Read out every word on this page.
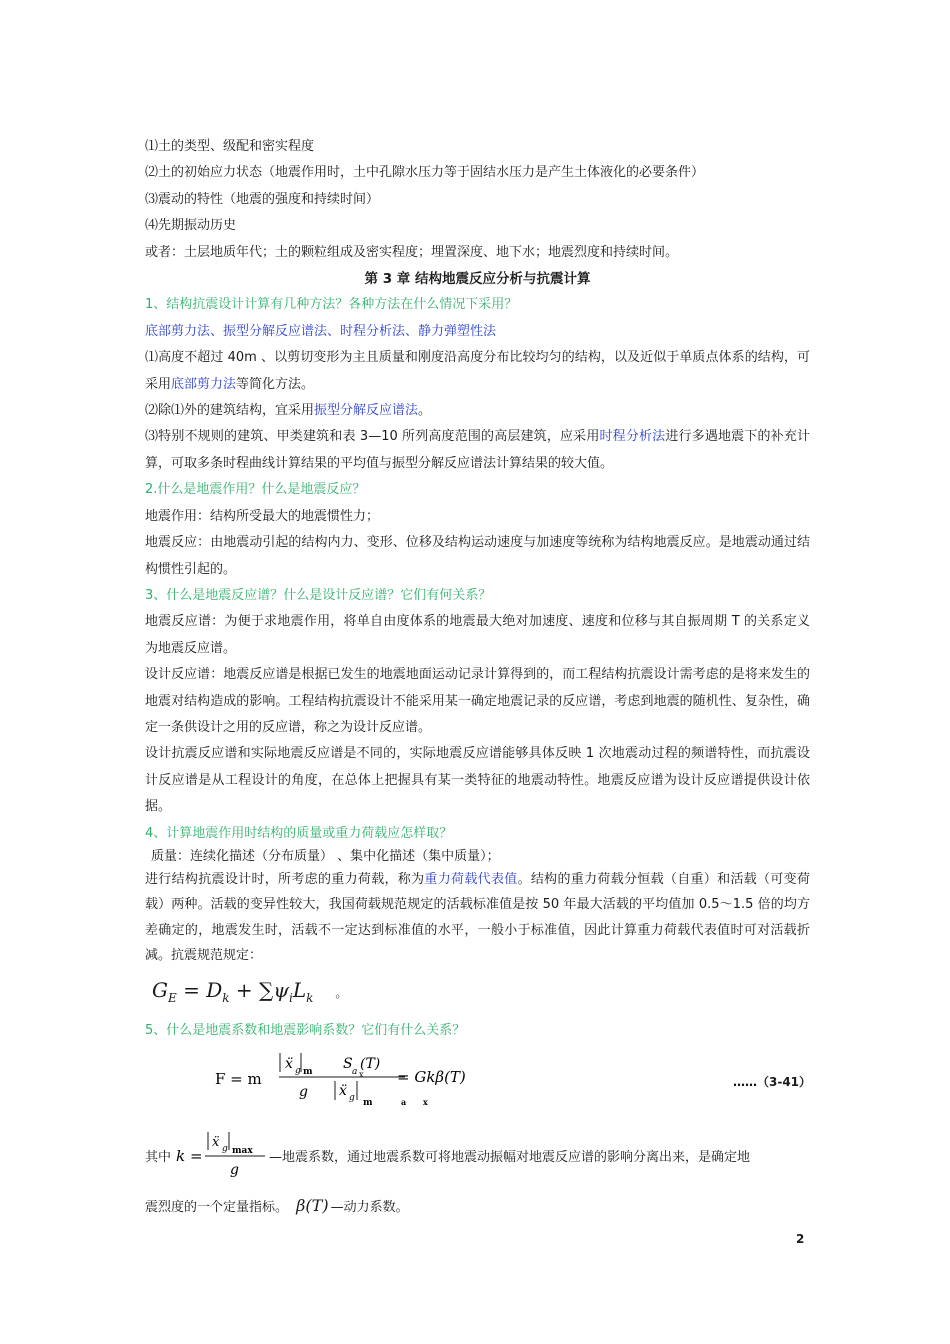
⑴土的类型、级配和密实程度
⑵土的初始应力状态（地震作用时，土中孔隙水压力等于固结水压力是产生土体液化的必要条件）
⑶震动的特性（地震的强度和持续时间）
⑷先期振动历史
或者：土层地质年代；土的颗粒组成及密实程度；埋置深度、地下水；地震烈度和持续时间。
第 3 章 结构地震反应分析与抗震计算
1、结构抗震设计计算有几种方法？各种方法在什么情况下采用？
底部剪力法、振型分解反应谱法、时程分析法、静力弹塑性法
⑴高度不超过 40m 、以剪切变形为主且质量和刚度沿高度分布比较均匀的结构，以及近似于单质点体系的结构，可采用底部剪力法等简化方法。
⑵除⑴外的建筑结构，宜采用振型分解反应谱法。
⑶特别不规则的建筑、甲类建筑和表 3—10 所列高度范围的高层建筑，应采用时程分析法进行多遇地震下的补充计算，可取多条时程曲线计算结果的平均值与振型分解反应谱法计算结果的较大值。
2.什么是地震作用？什么是地震反应？
地震作用：结构所受最大的地震惯性力；
地震反应：由地震动引起的结构内力、变形、位移及结构运动速度与加速度等统称为结构地震反应。是地震动通过结构惯性引起的。
3、什么是地震反应谱？什么是设计反应谱？它们有何关系？
地震反应谱：为便于求地震作用，将单自由度体系的地震最大绝对加速度、速度和位移与其自振周期 T 的关系定义为地震反应谱。
设计反应谱：地震反应谱是根据已发生的地震地面运动记录计算得到的，而工程结构抗震设计需考虑的是将来发生的地震对结构造成的影响。工程结构抗震设计不能采用某一确定地震记录的反应谱，考虑到地震的随机性、复杂性，确定一条供设计之用的反应谱，称之为设计反应谱。
设计抗震反应谱和实际地震反应谱是不同的，实际地震反应谱能够具体反映 1 次地震动过程的频谱特性，而抗震设计反应谱是从工程设计的角度，在总体上把握具有某一类特征的地震动特性。地震反应谱为设计反应谱提供设计依据。
4、计算地震作用时结构的质量或重力荷载应怎样取？
质量：连续化描述（分布质量） 、集中化描述（集中质量）；
进行结构抗震设计时，所考虑的重力荷载，称为重力荷载代表值。结构的重力荷载分恒载（自重）和活载（可变荷载）两种。活载的变异性较大，我国荷载规范规定的活载标准值是按 50 年最大活载的平均值加 0.5～1.5 倍的均方差确定的，地震发生时，活载不一定达到标准值的水平，一般小于标准值，因此计算重力荷载代表值时可对活载折减。抗震规范规定：
$G_E = D_k + \sum\psi_iL_k$ 。
5、什么是地震系数和地震影响系数？它们有什么关系？
F = m
ẍ g m
g
S a (T)
x
ẍ g m	a x
= Gkβ(T)	……（3-41）
其中 k =
ẍ g max
g
—地震系数，通过地震系数可将地震动振幅对地震反应谱的影响分离出来，是确定地
震烈度的一个定量指标。 β(T) —动力系数。
2
